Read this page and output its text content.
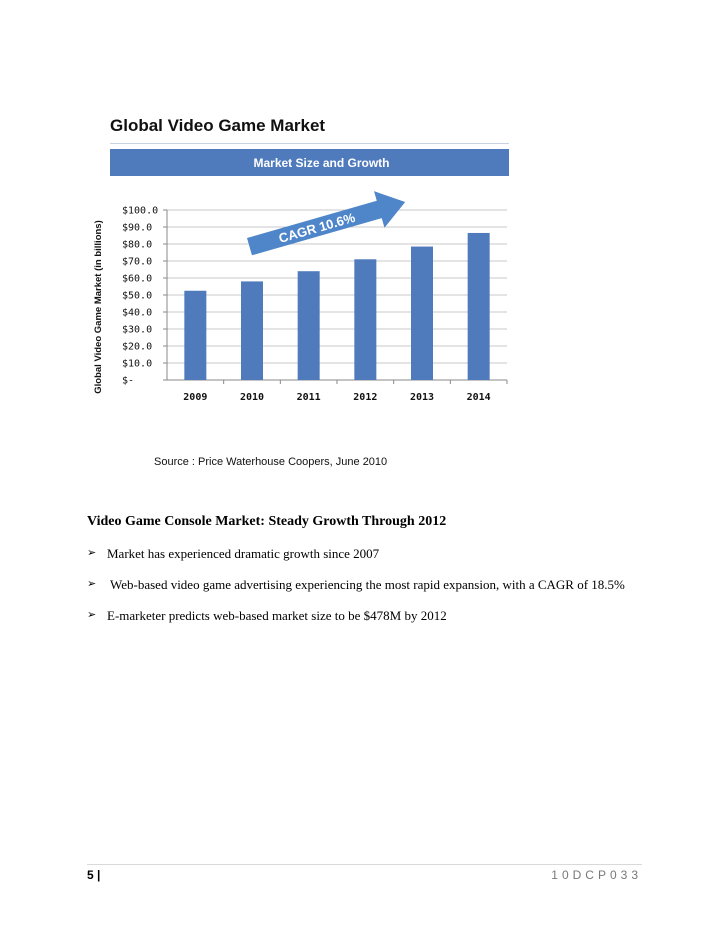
Global Video Game Market
Market Size and Growth
Global Video Game Market (in billions) $-
$10.0
$20.0
$30.0
$40.0
$50.0
$60.0
$70.0
$80.0
$90.0
$100.0
2009	2010	2011	2012	2013	2014
CAGR 10.6%
Source : Price Waterhouse Coopers, June 2010
Video Game Console Market: Steady Growth Through 2012
➢ Market has experienced dramatic growth since 2007
➢ Web-based video game advertising experiencing the most rapid expansion, with a CAGR of 18.5%
➢ E-marketer predicts web-based market size to be $478M by 2012
5 |	10DCP033
